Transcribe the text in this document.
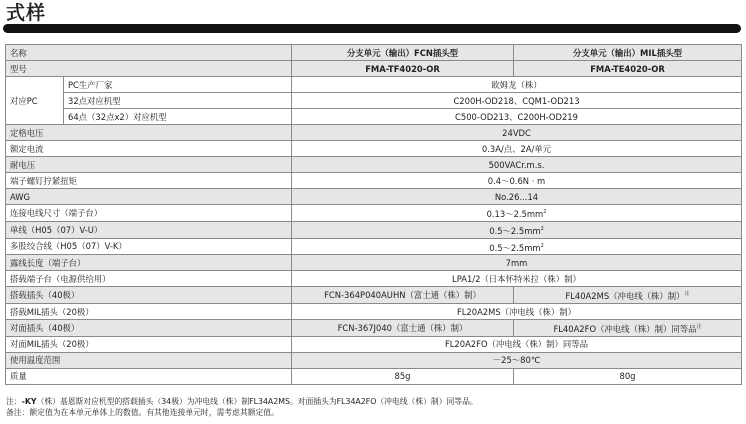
式样
名称		分支单元（输出）FCN插头型	分支单元（输出）MIL插头型
型号		FMA-TF4020-OR	FMA-TE4020-OR
对应PC	PC生产厂家	欧姆龙（株）	
	32点对应机型	C200H-OD218、CQM1-OD213	
	64点（32点x2）对应机型	C500-OD213、C200H-OD219	
定格电压		24VDC	
额定电流		0.3A/点、2A/单元	
耐电压		500VACr.m.s.	
端子螺钉拧紧扭矩		0.4～0.6N · m	
AWG		No.26...14	
连接电线尺寸（端子台）		$0.13\sim 2.5mm^2$
单线（H05（07）V-U）		$0.5\sim 2.5mm^2$
多股绞合线（H05（07）V-K）		$0.5\sim 2.5mm^2$
露线长度（端子台）		7mm	
搭载端子台（电源供给用）		LPA1/2（日本怀特米拉（株）制）	
搭载插头（40极）		FCN-364P040AUHN（富士通（株）制）	FL40A2MS（冲电线（株）制）$^注$
搭载MIL插头（20极）		FL20A2MS（冲电线（株）制）	
对面插头（40极）		FCN-367J040（富士通（株）制）	FL40A2FO（冲电线（株）制）同等品$^注$
对面MIL插头（20极）		FL20A2FO（冲电线（株）制）同等品	
使用温度范围		－25～80℃	
质量		85g	80g
注：-KY（株）基恩斯对应机型的搭载插头（34极）为冲电线（株）制FL34A2MS。对面插头为FL34A2FO（冲电线（株）制）同等品。
备注：额定值为在本单元单体上的数值。有其他连接单元时，需考虑其额定值。
